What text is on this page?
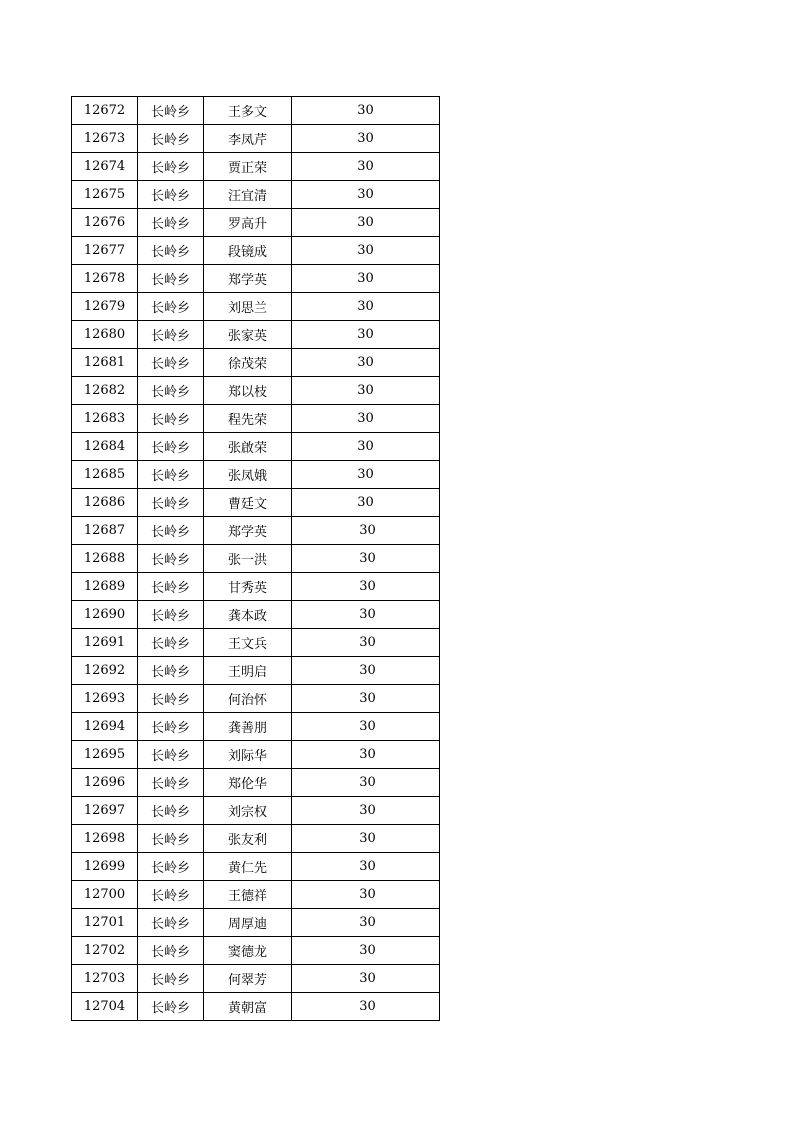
12672	长岭乡	王多文	30
12673	长岭乡	李凤芹	30
12674	长岭乡	贾正荣	30
12675	长岭乡	汪宜清	30
12676	长岭乡	罗高升	30
12677	长岭乡	段镜成	30
12678	长岭乡	郑学英	30
12679	长岭乡	刘思兰	30
12680	长岭乡	张家英	30
12681	长岭乡	徐茂荣	30
12682	长岭乡	郑以枝	30
12683	长岭乡	程先荣	30
12684	长岭乡	张啟荣	30
12685	长岭乡	张凤娥	30
12686	长岭乡	曹廷文	30
12687	长岭乡	郑学英	30
12688	长岭乡	张一洪	30
12689	长岭乡	甘秀英	30
12690	长岭乡	龚本政	30
12691	长岭乡	王文兵	30
12692	长岭乡	王明启	30
12693	长岭乡	何治怀	30
12694	长岭乡	龚善朋	30
12695	长岭乡	刘际华	30
12696	长岭乡	郑伦华	30
12697	长岭乡	刘宗权	30
12698	长岭乡	张友利	30
12699	长岭乡	黄仁先	30
12700	长岭乡	王德祥	30
12701	长岭乡	周厚迪	30
12702	长岭乡	窦德龙	30
12703	长岭乡	何翠芳	30
12704	长岭乡	黄朝富	30
